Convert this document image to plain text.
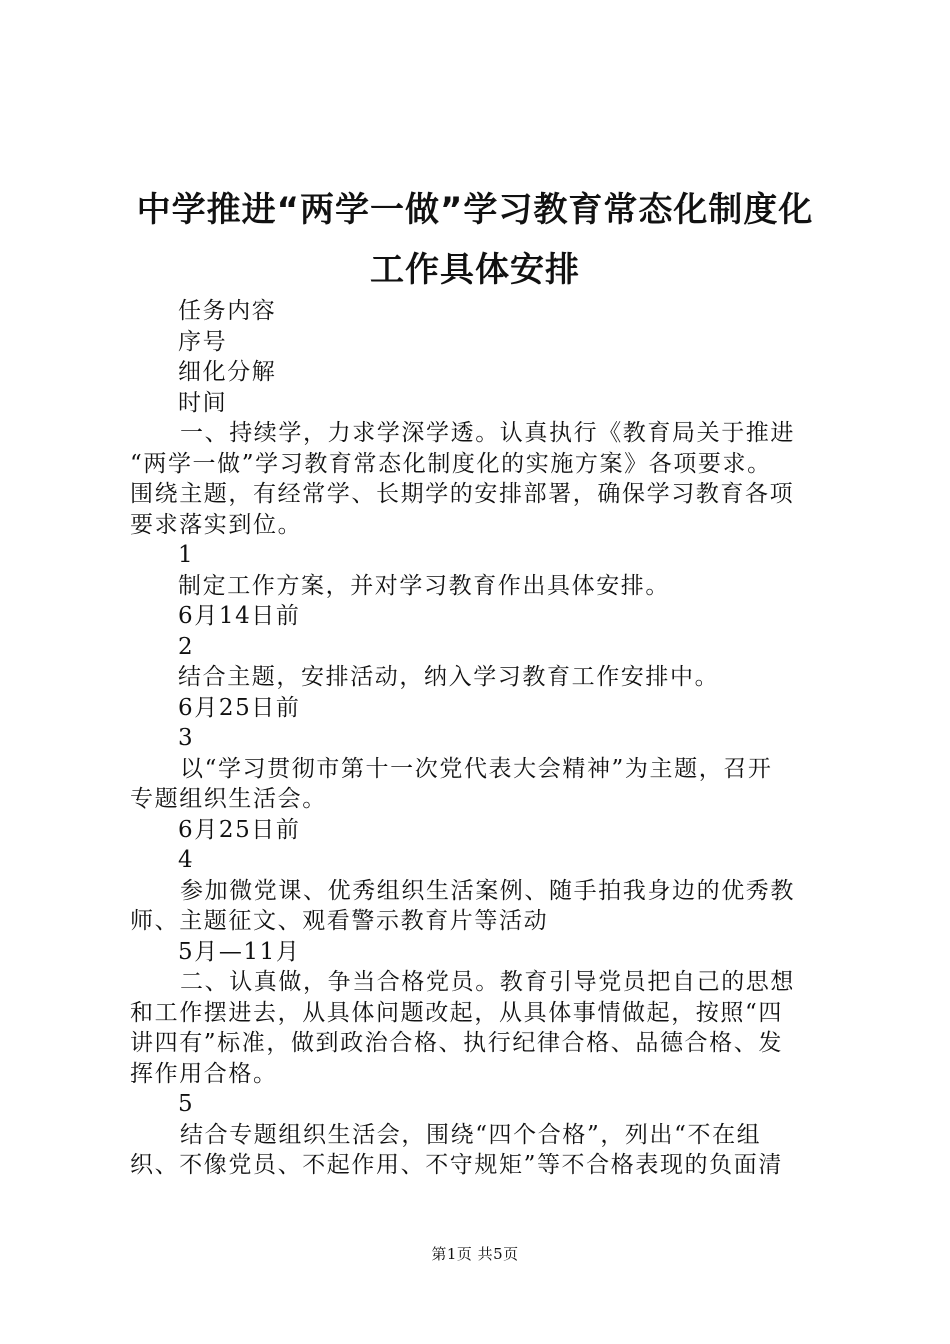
中学推进“两学一做”学习教育常态化制度化
工作具体安排
任务内容
序号
细化分解
时间
一、持续学，力求学深学透。认真执行《教育局关于推进
“两学一做”学习教育常态化制度化的实施方案》各项要求。
围绕主题，有经常学、长期学的安排部署，确保学习教育各项
要求落实到位。
1
制定工作方案，并对学习教育作出具体安排。
6月14日前
2
结合主题，安排活动，纳入学习教育工作安排中。
6月25日前
3
以“学习贯彻市第十一次党代表大会精神”为主题，召开
专题组织生活会。
6月25日前
4
参加微党课、优秀组织生活案例、随手拍我身边的优秀教
师、主题征文、观看警示教育片等活动
5月—11月
二、认真做，争当合格党员。教育引导党员把自己的思想
和工作摆进去，从具体问题改起，从具体事情做起，按照“四
讲四有”标准，做到政治合格、执行纪律合格、品德合格、发
挥作用合格。
5
结合专题组织生活会，围绕“四个合格”，列出“不在组
织、不像党员、不起作用、不守规矩”等不合格表现的负面清
第1页 共5页
